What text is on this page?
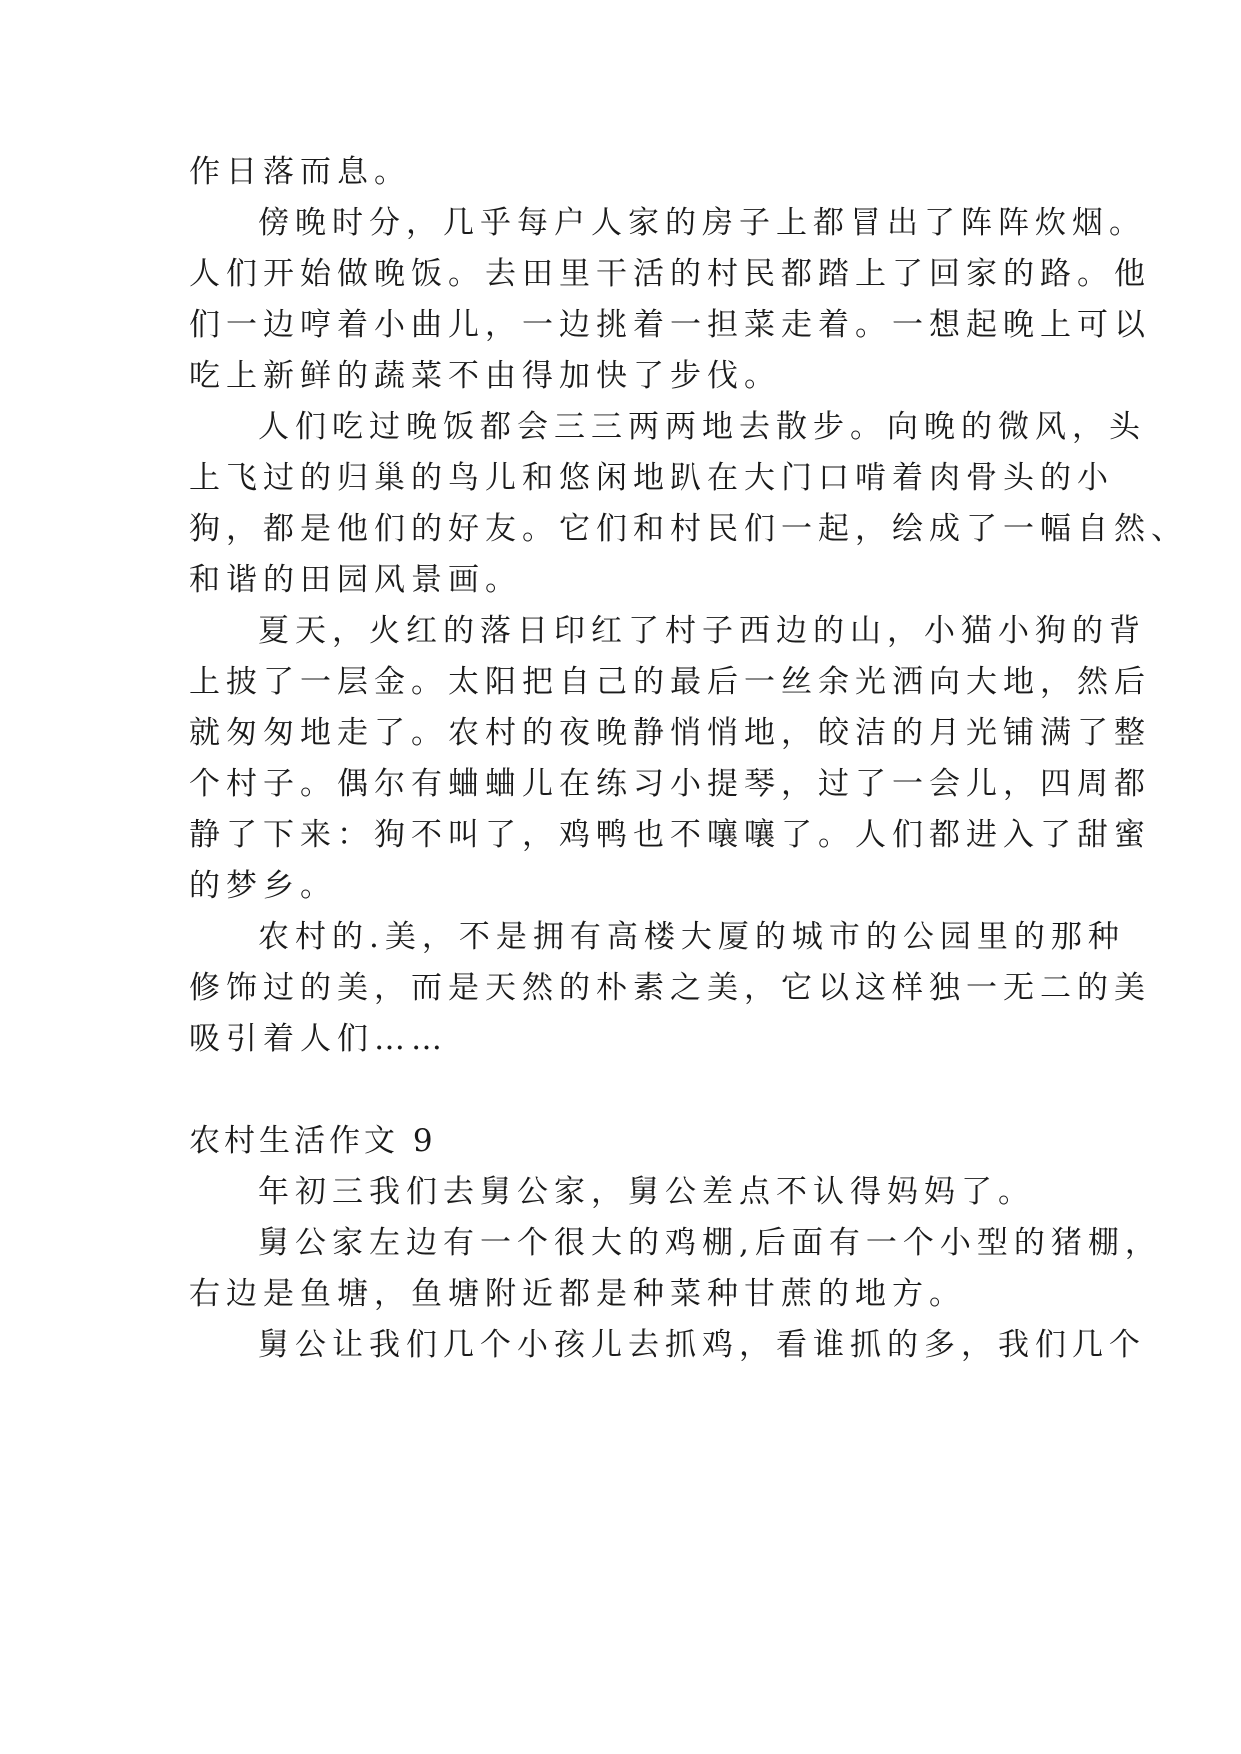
作日落而息。
傍晚时分，几乎每户人家的房子上都冒出了阵阵炊烟。
人们开始做晚饭。去田里干活的村民都踏上了回家的路。他
们一边哼着小曲儿，一边挑着一担菜走着。一想起晚上可以
吃上新鲜的蔬菜不由得加快了步伐。
人们吃过晚饭都会三三两两地去散步。向晚的微风，头
上飞过的归巢的鸟儿和悠闲地趴在大门口啃着肉骨头的小
狗，都是他们的好友。它们和村民们一起，绘成了一幅自然、
和谐的田园风景画。
夏天，火红的落日印红了村子西边的山，小猫小狗的背
上披了一层金。太阳把自己的最后一丝余光洒向大地，然后
就匆匆地走了。农村的夜晚静悄悄地，皎洁的月光铺满了整
个村子。偶尔有蛐蛐儿在练习小提琴，过了一会儿，四周都
静了下来：狗不叫了，鸡鸭也不嚷嚷了。人们都进入了甜蜜
的梦乡。
农村的.美，不是拥有高楼大厦的城市的公园里的那种
修饰过的美，而是天然的朴素之美，它以这样独一无二的美
吸引着人们……
农村生活作文 9
年初三我们去舅公家，舅公差点不认得妈妈了。
舅公家左边有一个很大的鸡棚,后面有一个小型的猪棚，
右边是鱼塘，鱼塘附近都是种菜种甘蔗的地方。
舅公让我们几个小孩儿去抓鸡，看谁抓的多，我们几个
